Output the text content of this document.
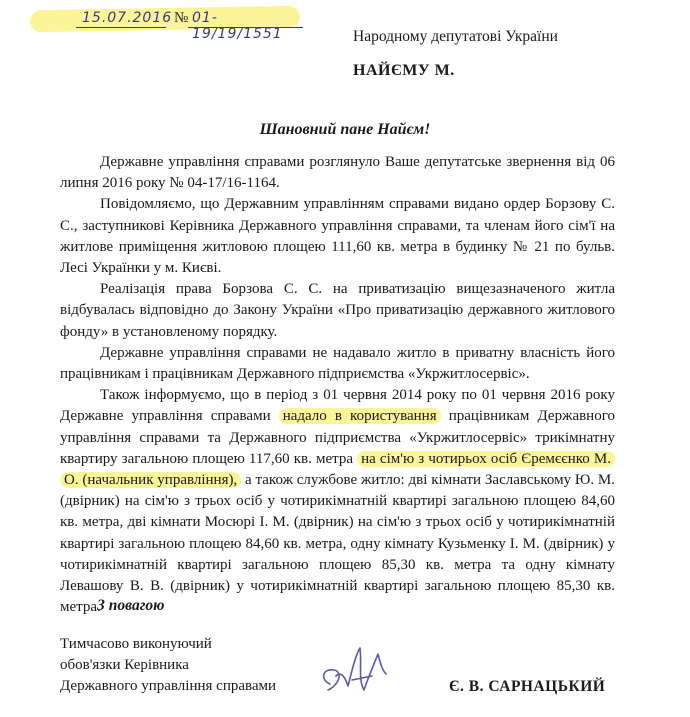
15.07.2016 № 01-19/19/1551	Народному депутатові України
НАЙЄМУ М.
Шановний пане Найєм!

Державне управління справами розглянуло Ваше депутатське звернення від 06 липня 2016 року № 04-17/16-1164.

Повідомляємо, що Державним управлінням справами видано ордер Борзову С. С., заступникові Керівника Державного управління справами, та членам його сім'ї на житлове приміщення житловою площею 111,60 кв. метра в будинку № 21 по бульв. Лесі Українки у м. Києві.

Реалізація права Борзова С. С. на приватизацію вищезазначеного житла відбувалась відповідно до Закону України «Про приватизацію державного житлового фонду» в установленому порядку.

Державне управління справами не надавало житло в приватну власність його працівникам і працівникам Державного підприємства «Укржитлосервіс».

Також інформуємо, що в період з 01 червня 2014 року по 01 червня 2016 року Державне управління справами надало в користування працівникам Державного управління справами та Державного підприємства «Укржитлосервіс» трикімнатну квартиру загальною площею 117,60 кв. метра на сім'ю з чотирьох осіб Єремєєнко М. О. (начальник управління), а також службове житло: дві кімнати Заславському Ю. М. (двірник) на сім'ю з трьох осіб у чотирикімнатній квартирі загальною площею 84,60 кв. метра, дві кімнати Мосюрі І. М. (двірник) на сім'ю з трьох осіб у чотирикімнатній квартирі загальною площею 84,60 кв. метра, одну кімнату Кузьменку І. М. (двірник) у чотирикімнатній квартирі загальною площею 85,30 кв. метра та одну кімнату Левашову В. В. (двірник) у чотирикімнатній квартирі загальною площею 85,30 кв. метра.

З повагою
Тимчасово виконуючий
обов'язки Керівника
Державного управління справами	Є. В. САРНАЦЬКИЙ
